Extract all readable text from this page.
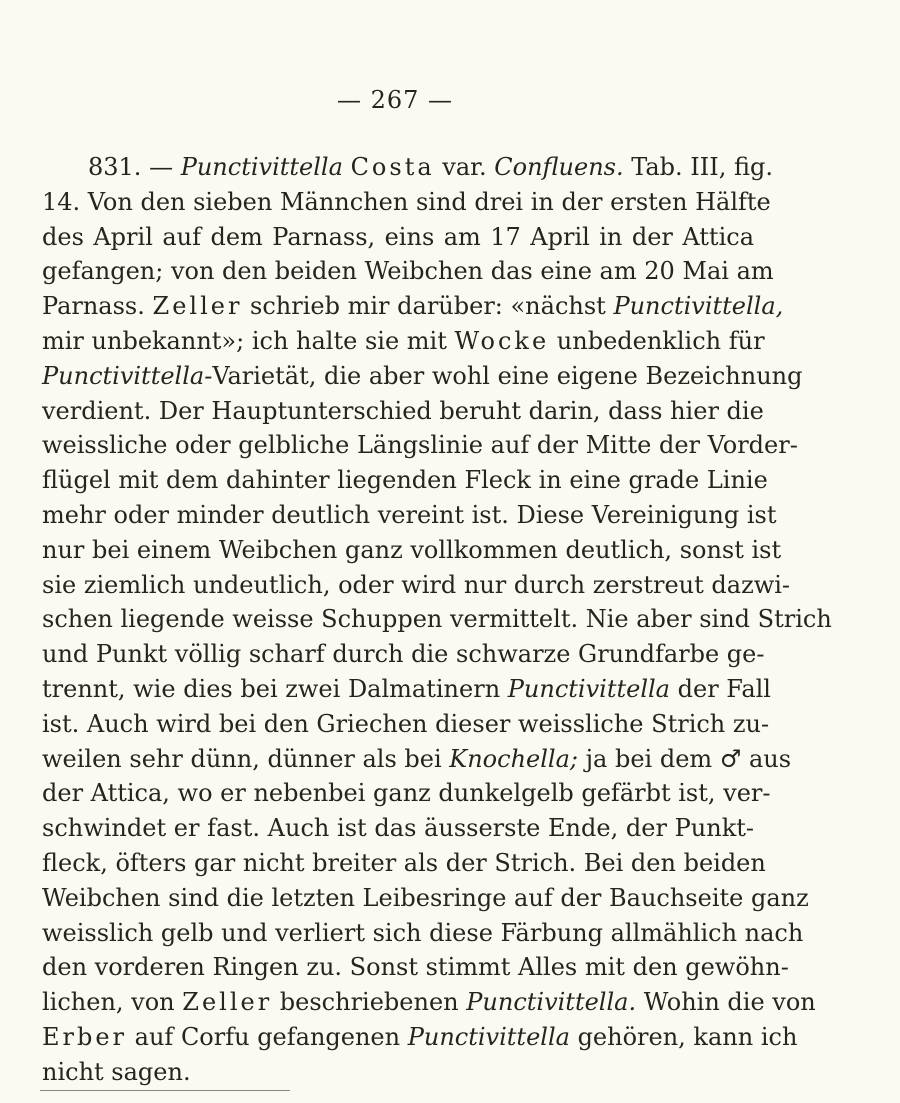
— 267 —
831. — Punctivittella Costa var. Confluens. Tab. III, fig.
14. Von den sieben Männchen sind drei in der ersten Hälfte
des April auf dem Parnass, eins am 17 April in der Attica
gefangen; von den beiden Weibchen das eine am 20 Mai am
Parnass. Zeller schrieb mir darüber: «nächst Punctivittella,
mir unbekannt»; ich halte sie mit Wocke unbedenklich für
Punctivittella-Varietät, die aber wohl eine eigene Bezeichnung
verdient. Der Hauptunterschied beruht darin, dass hier die
weissliche oder gelbliche Längslinie auf der Mitte der Vorder-
flügel mit dem dahinter liegenden Fleck in eine grade Linie
mehr oder minder deutlich vereint ist. Diese Vereinigung ist
nur bei einem Weibchen ganz vollkommen deutlich, sonst ist
sie ziemlich undeutlich, oder wird nur durch zerstreut dazwi-
schen liegende weisse Schuppen vermittelt. Nie aber sind Strich
und Punkt völlig scharf durch die schwarze Grundfarbe ge-
trennt, wie dies bei zwei Dalmatinern Punctivittella der Fall
ist. Auch wird bei den Griechen dieser weissliche Strich zu-
weilen sehr dünn, dünner als bei Knochella; ja bei dem ♂ aus
der Attica, wo er nebenbei ganz dunkelgelb gefärbt ist, ver-
schwindet er fast. Auch ist das äusserste Ende, der Punkt-
fleck, öfters gar nicht breiter als der Strich. Bei den beiden
Weibchen sind die letzten Leibesringe auf der Bauchseite ganz
weisslich gelb und verliert sich diese Färbung allmählich nach
den vorderen Ringen zu. Sonst stimmt Alles mit den gewöhn-
lichen, von Zeller beschriebenen Punctivittella. Wohin die von
Erber auf Corfu gefangenen Punctivittella gehören, kann ich
nicht sagen.
